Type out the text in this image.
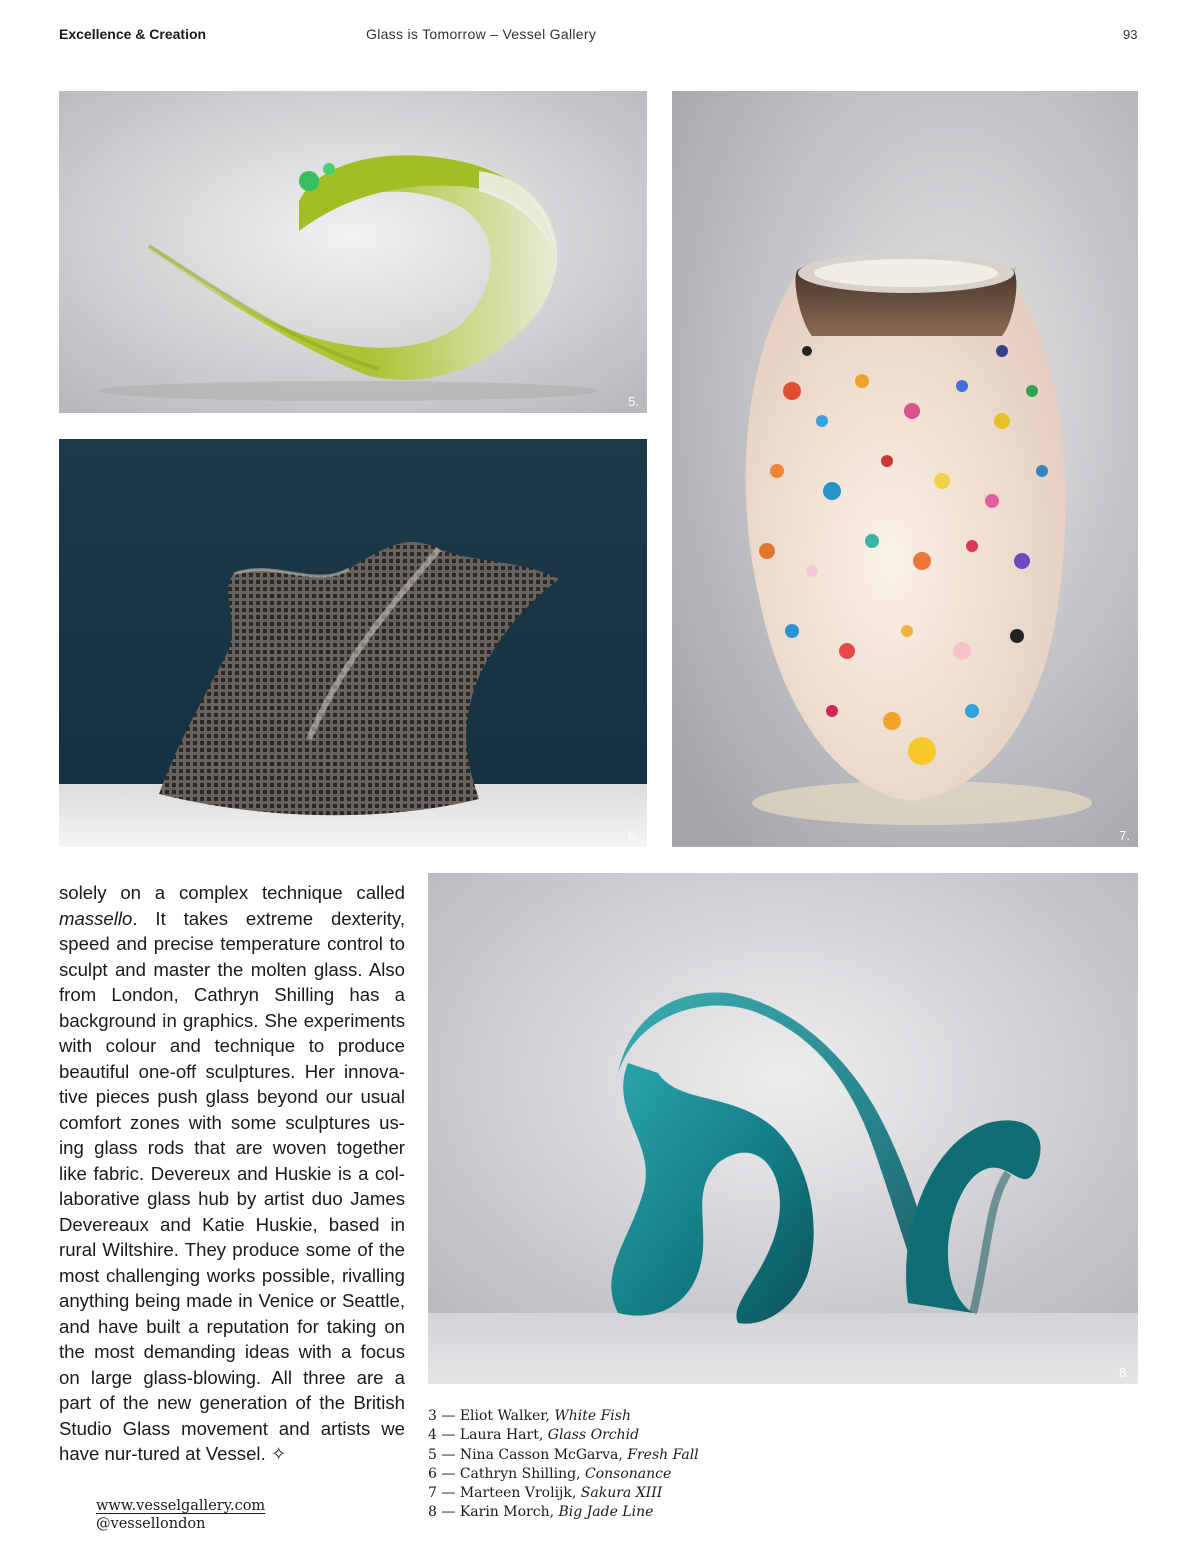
Excellence & Creation	Glass is Tomorrow – Vessel Gallery	93
5.
6.	7.
8.

solely on a complex technique called massello. It takes extreme dexterity, speed and precise temperature control to sculpt and master the molten glass. Also from London, Cathryn Shilling has a background in graphics. She experiments with colour and technique to produce beautiful one-off sculptures. Her innova-tive pieces push glass beyond our usual comfort zones with some sculptures us-ing glass rods that are woven together like fabric. Devereux and Huskie is a col-laborative glass hub by artist duo James Devereaux and Katie Huskie, based in rural Wiltshire. They produce some of the most challenging works possible, rivalling anything being made in Venice or Seattle, and have built a reputation for taking on the most demanding ideas with a focus on large glass-blowing. All three are a part of the new generation of the British Studio Glass movement and artists we have nur-tured at Vessel. ✧

www.vesselgallery.com
@vessellondon
3 — Eliot Walker, White Fish
4 — Laura Hart, Glass Orchid
5 — Nina Casson McGarva, Fresh Fall
6 — Cathryn Shilling, Consonance
7 — Marteen Vrolijk, Sakura XIII
8 — Karin Morch, Big Jade Line
